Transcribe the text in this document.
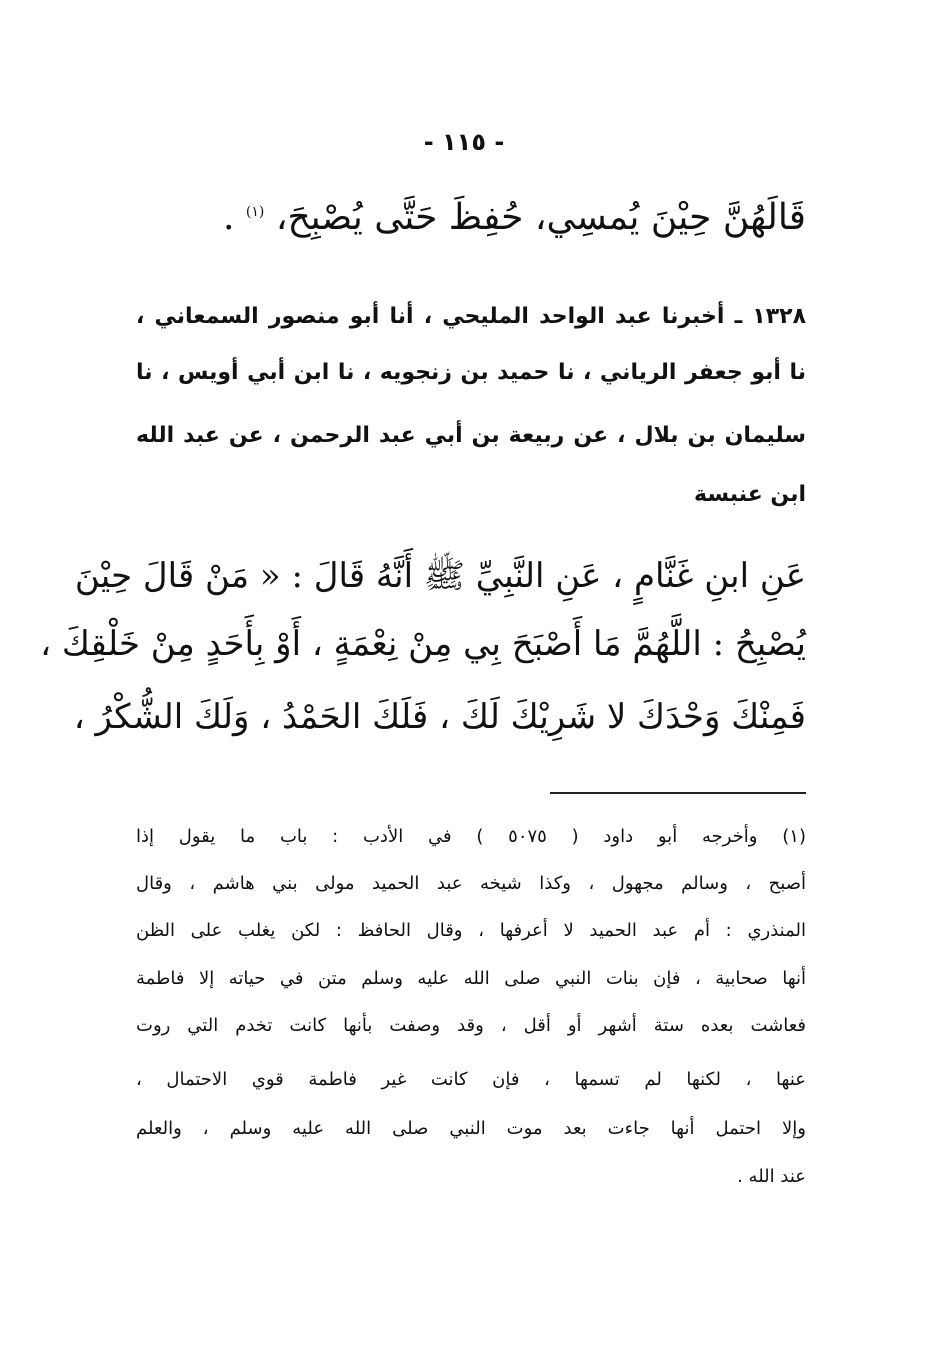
- ١١٥ -
قَالَهُنَّ حِيْنَ يُمسِي، حُفِظَ حَتَّى يُصْبِحَ، $^{(١)}$ .
١٣٢٨ ـ أخبرنا عبد الواحد المليحي ، أنا أبو منصور السمعاني ،
نا أبو جعفر الرياني ، نا حميد بن زنجويه ، نا ابن أبي أويس ، نا
سليمان بن بلال ، عن ربيعة بن أبي عبد الرحمن ، عن عبد الله
ابن عنبسة
عَنِ ابنِ غَنَّامٍ ، عَنِ النَّبِيِّ ﷺ أَنَّهُ قَالَ : « مَنْ قَالَ حِيْنَ
يُصْبِحُ : اللَّهُمَّ مَا أَصْبَحَ بِي مِنْ نِعْمَةٍ ، أَوْ بِأَحَدٍ مِنْ خَلْقِكَ ،
فَمِنْكَ وَحْدَكَ لا شَرِيْكَ لَكَ ، فَلَكَ الحَمْدُ ، وَلَكَ الشُّكْرُ ،
(١) وأخرجه أبو داود ( ٥٠٧٥ ) في الأدب : باب ما يقول إذا
أصبح ، وسالم مجهول ، وكذا شيخه عبد الحميد مولى بني هاشم ، وقال
المنذري : أم عبد الحميد لا أعرفها ، وقال الحافظ : لكن يغلب على الظن
أنها صحابية ، فإن بنات النبي صلى الله عليه وسلم متن في حياته إلا فاطمة
فعاشت بعده ستة أشهر أو أقل ، وقد وصفت بأنها كانت تخدم التي روت
عنها ، لكنها لم تسمها ، فإن كانت غير فاطمة قوي الاحتمال ،
وإلا احتمل أنها جاءت بعد موت النبي صلى الله عليه وسلم ، والعلم
عند الله .
